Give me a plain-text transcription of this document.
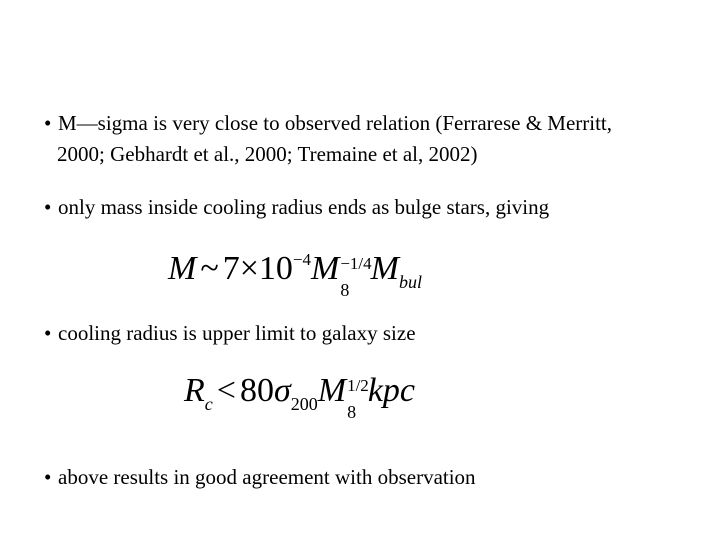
• M—sigma is very close to observed relation (Ferrarese & Merritt,
2000; Gebhardt et al., 2000; Tremaine et al, 2002)

• only mass inside cooling radius ends as bulge stars, giving

M ~ 7×10−4M −1/4
8
Mbul

• cooling radius is upper limit to galaxy size

Rc < 80σ200M 1/2
8
kpc

• above results in good agreement with observation
